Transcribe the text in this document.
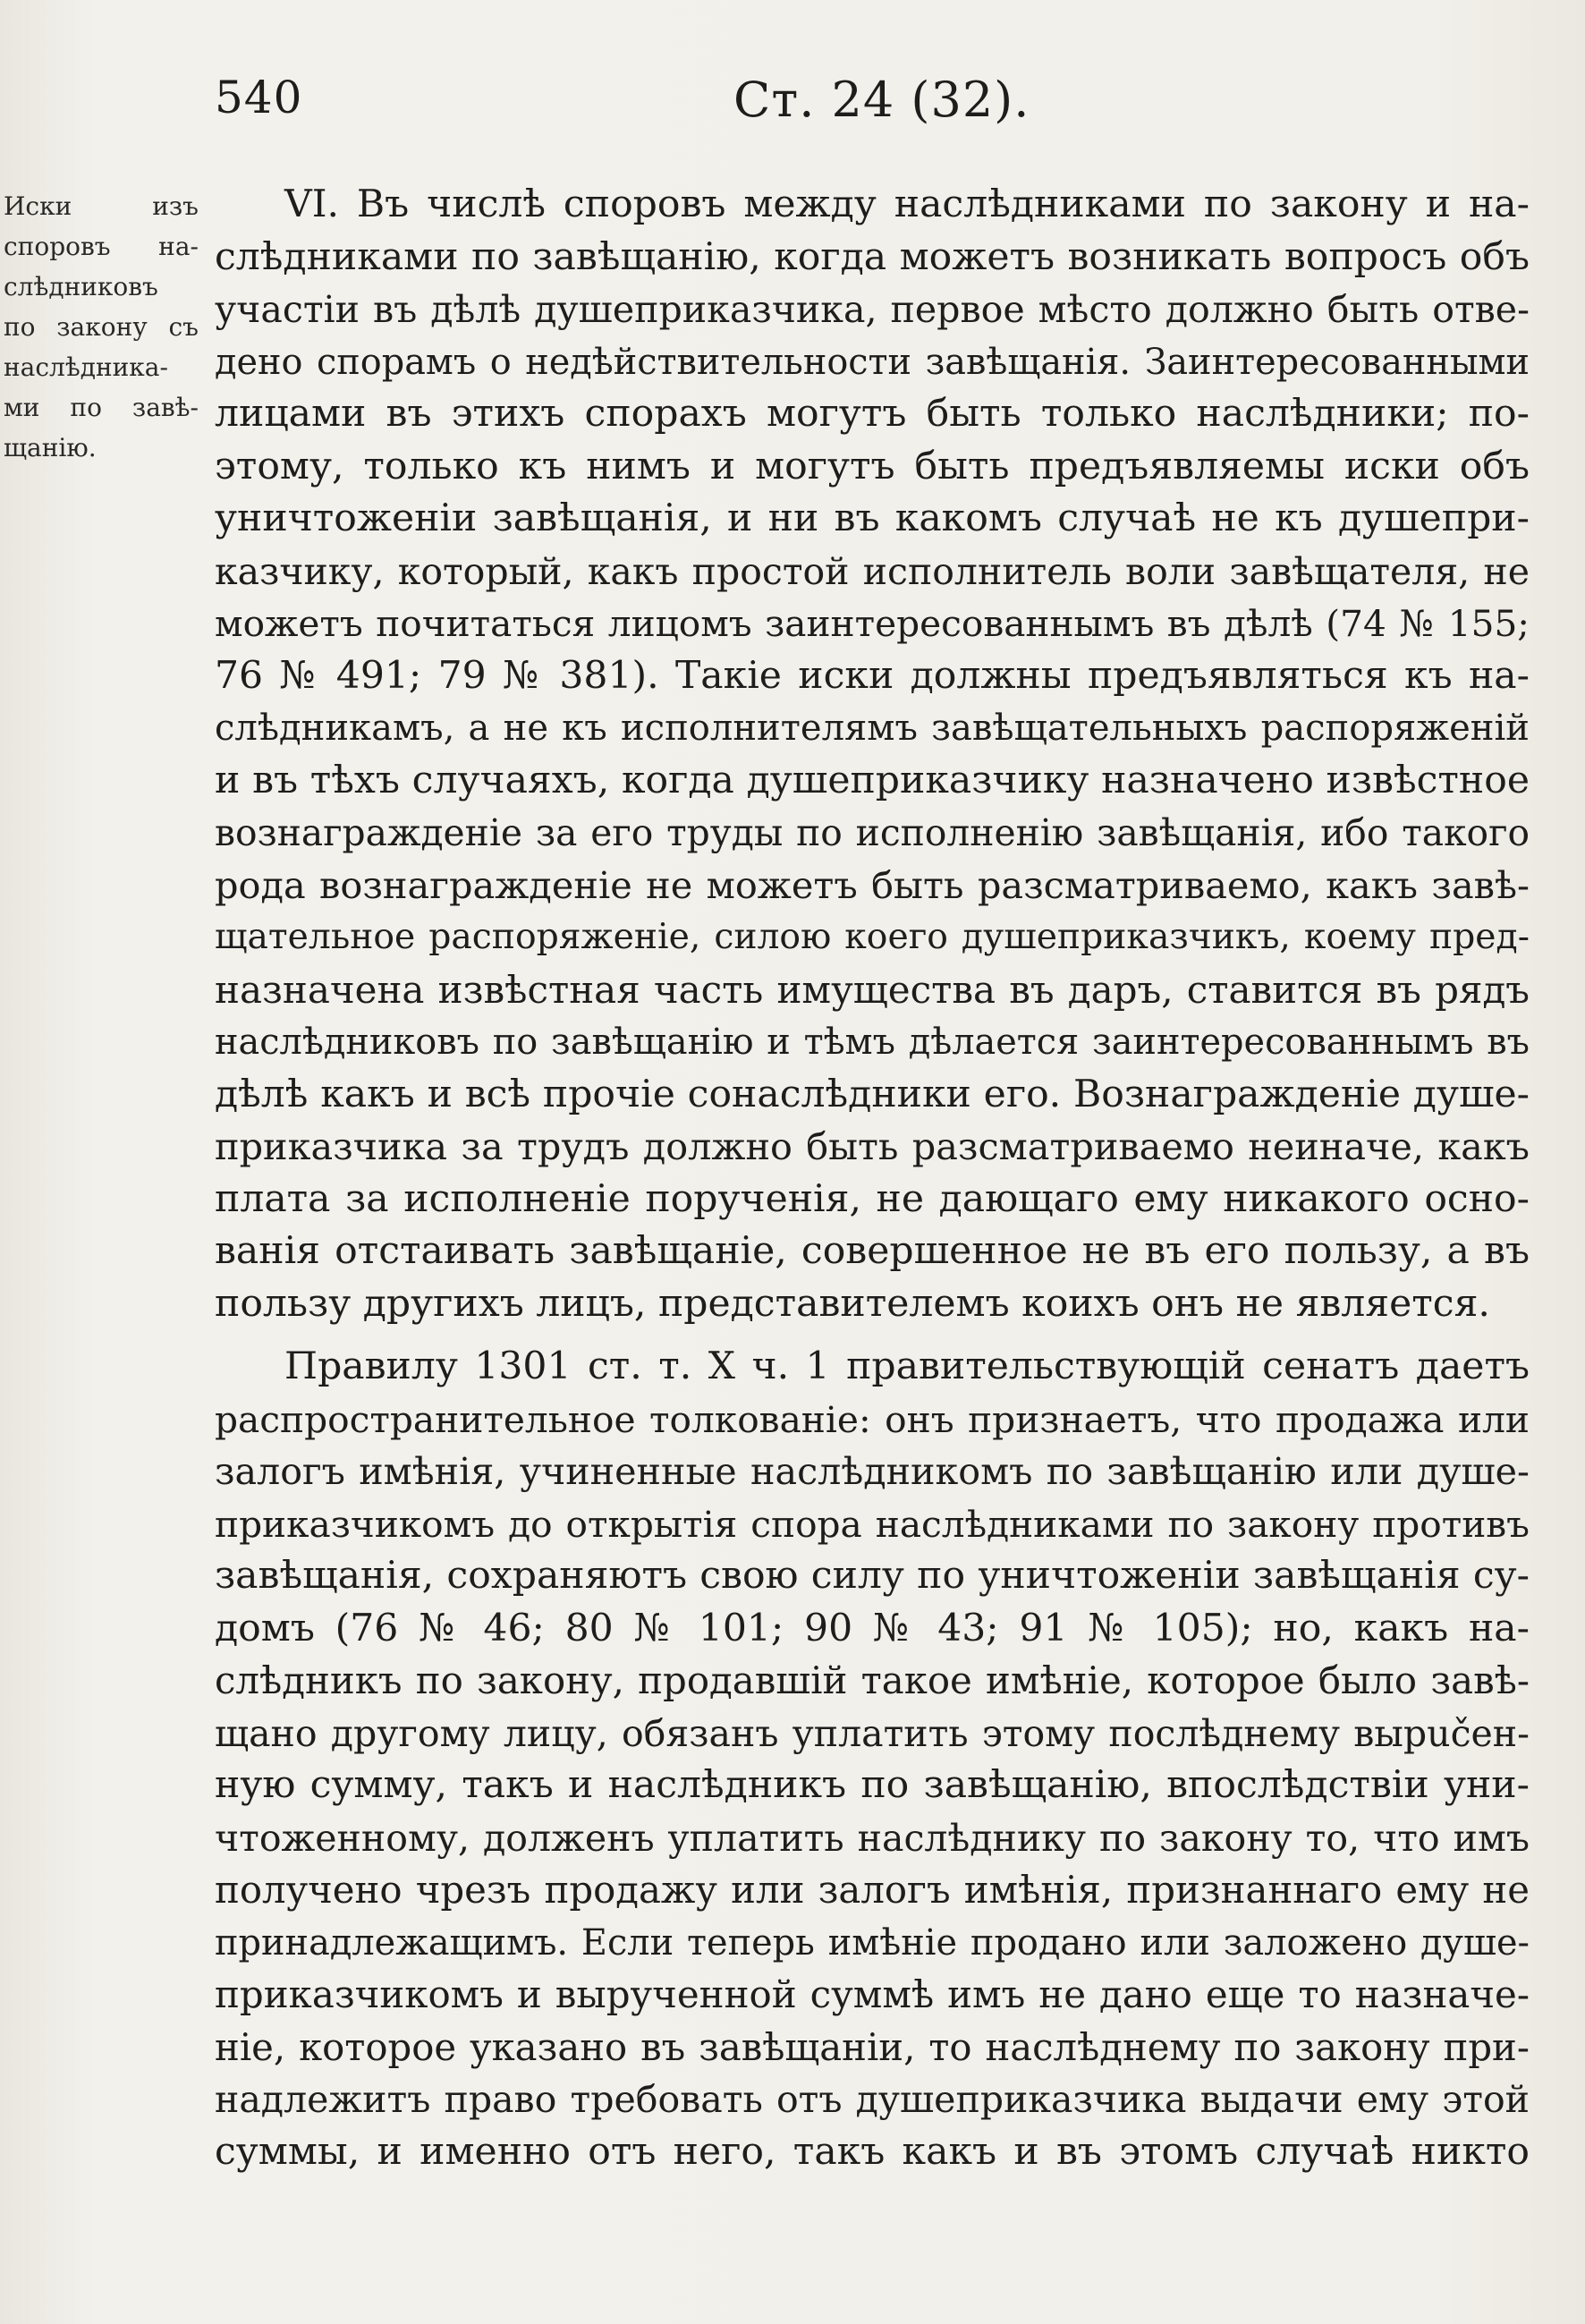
540	Ст. 24 (32).
Иски изъ
споровъ на-
слѣдниковъ
по закону съ
наслѣдника-
ми по завѣ-
щанію.
VI. Въ числѣ споровъ между наслѣдниками по закону и на-
слѣдниками по завѣщанію, когда можетъ возникать вопросъ объ
участіи въ дѣлѣ душеприказчика, первое мѣсто должно быть отве-
дено спорамъ о недѣйствительности завѣщанія. Заинтересованными
лицами въ этихъ спорахъ могутъ быть только наслѣдники; по-
этому, только къ нимъ и могутъ быть предъявляемы иски объ
уничтоженіи завѣщанія, и ни въ какомъ случаѣ не къ душепри-
казчику, который, какъ простой исполнитель воли завѣщателя, не
можетъ почитаться лицомъ заинтересованнымъ въ дѣлѣ (74 № 155;
76 № 491; 79 № 381). Такіе иски должны предъявляться къ на-
слѣдникамъ, а не къ исполнителямъ завѣщательныхъ распоряженій
и въ тѣхъ случаяхъ, когда душеприказчику назначено извѣстное
вознагражденіе за его труды по исполненію завѣщанія, ибо такого
рода вознагражденіе не можетъ быть разсматриваемо, какъ завѣ-
щательное распоряженіе, силою коего душеприказчикъ, коему пред-
назначена извѣстная часть имущества въ даръ, ставится въ рядъ
наслѣдниковъ по завѣщанію и тѣмъ дѣлается заинтересованнымъ въ
дѣлѣ какъ и всѣ прочіе сонаслѣдники его. Вознагражденіе душе-
приказчика за трудъ должно быть разсматриваемо неиначе, какъ
плата за исполненіе порученія, не дающаго ему никакого осно-
ванія отстаивать завѣщаніе, совершенное не въ его пользу, а въ
пользу другихъ лицъ, представителемъ коихъ онъ не является.
Правилу 1301 ст. т. X ч. 1 правительствующій сенатъ даетъ
распространительное толкованіе: онъ признаетъ, что продажа или
залогъ имѣнія, учиненные наслѣдникомъ по завѣщанію или душе-
приказчикомъ до открытія спора наслѣдниками по закону противъ
завѣщанія, сохраняютъ свою силу по уничтоженіи завѣщанія су-
домъ (76 № 46; 80 № 101; 90 № 43; 91 № 105); но, какъ на-
слѣдникъ по закону, продавшій такое имѣніе, которое было завѣ-
щано другому лицу, обязанъ уплатить этому послѣднему вырučен-
ную сумму, такъ и наслѣдникъ по завѣщанію, впослѣдствіи уни-
чтоженному, долженъ уплатить наслѣднику по закону то, что имъ
получено чрезъ продажу или залогъ имѣнія, признаннаго ему не
принадлежащимъ. Если теперь имѣніе продано или заложено душе-
приказчикомъ и вырученной суммѣ имъ не дано еще то назначе-
ніе, которое указано въ завѣщаніи, то наслѣднему по закону при-
надлежитъ право требовать отъ душеприказчика выдачи ему этой
суммы, и именно отъ него, такъ какъ и въ этомъ случаѣ никто
